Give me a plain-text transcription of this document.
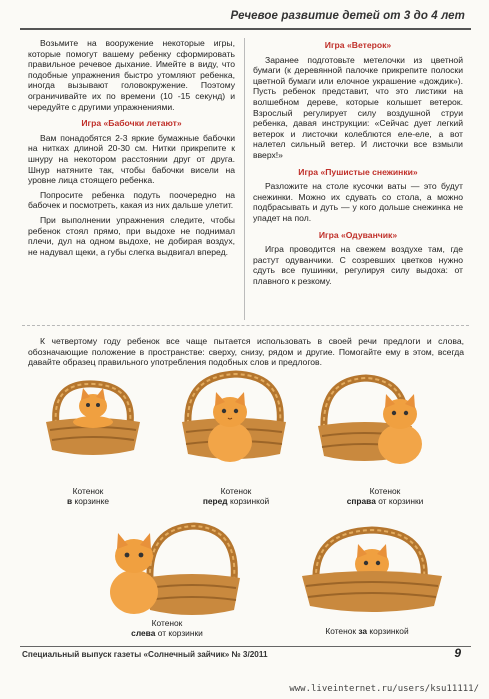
Речевое развитие детей от 3 до 4 лет

Возьмите на вооружение некоторые игры, которые помогут вашему ребенку сформировать правильное речевое дыхание. Имейте в виду, что подобные упражнения быстро утомляют ребенка, иногда вызывают головокружение. Поэтому ограничивайте их по времени (10 -15 секунд) и чередуйте с другими упражнениями.

Игра «Бабочки летают»

Вам понадобятся 2-3 яркие бумажные бабочки на нитках длиной 20-30 см. Нитки прикрепите к шнуру на некотором расстоянии друг от друга. Шнур натяните так, чтобы бабочки висели на уровне лица стоящего ребенка.

Попросите ребенка подуть поочередно на бабочек и посмотреть, какая из них дальше улетит.

При выполнении упражнения следите, чтобы ребенок стоял прямо, при выдохе не поднимал плечи, дул на одном выдохе, не добирая воздух, не надувал щеки, а губы слегка выдвигал вперед.

Игра «Ветерок»

Заранее подготовьте метелочки из цветной бумаги (к деревянной палочке прикрепите полоски цветной бумаги или елочное украшение «дождик»). Пусть ребенок представит, что это листики на волшебном дереве, которые колышет ветерок. Взрослый регулирует силу воздушной струи ребенка, давая инструкции: «Сейчас дует легкий ветерок и листочки колеблются еле-еле, а вот налетел сильный ветер. И листочки все взмыли вверх!»

Игра «Пушистые снежинки»

Разложите на столе кусочки ваты — это будут снежинки. Можно их сдувать со стола, а можно подбрасывать и дуть — у кого дольше снежинка не упадет на пол.

Игра «Одуванчик»

Игра проводится на свежем воздухе там, где растут одуванчики. С созревших цветков нужно сдуть все пушинки, регулируя силу выдоха: от плавного к резкому.

К четвертому году ребенок все чаще пытается использовать в своей речи предлоги и слова, обозначающие положение в пространстве: сверху, снизу, рядом и другие. Помогайте ему в этом, всегда давайте образец правильного употребления подобных слов и предлогов.

Котенок
в корзинке
Котенок
перед корзинкой
Котенок
справа от корзинки
Котенок
слева от корзинки	Котенок за корзинкой
Специальный выпуск газеты «Солнечный зайчик» № 3/2011	9
www.liveinternet.ru/users/ksu11111/
